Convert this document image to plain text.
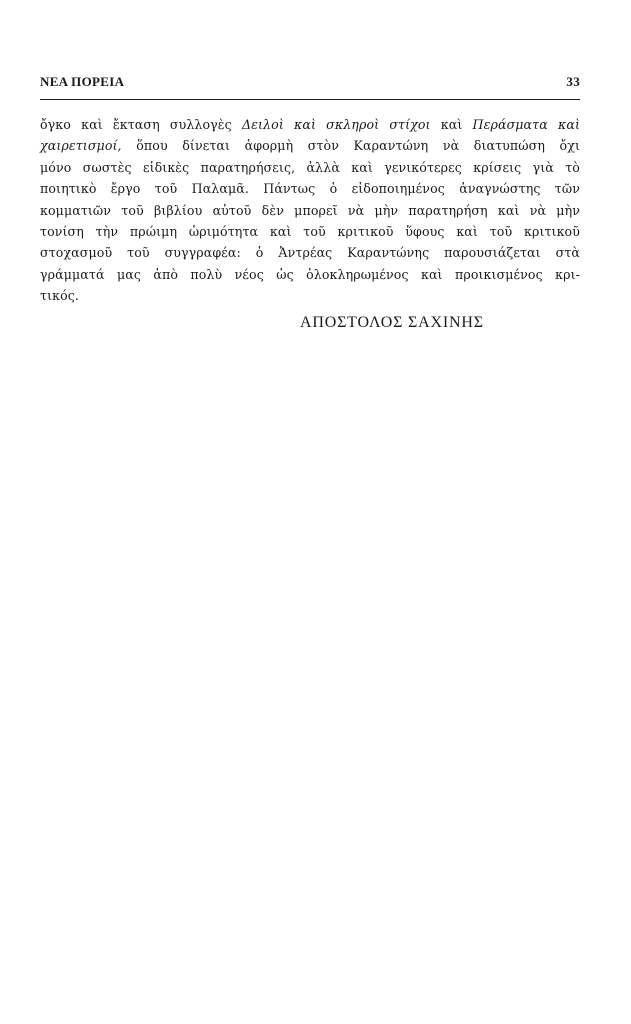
ΝΕΑ ΠΟΡΕΙΑ	33

ὄγκο καὶ ἔκταση συλλογὲς Δειλοὶ καὶ σκληροὶ στίχοι καὶ Περάσματα καὶ
χαιρετισμοί, ὅπου δίνεται ἀφορμὴ στὸν Καραντώνη νὰ διατυπώση ὄχι
μόνο σωστὲς εἰδικὲς παρατηρήσεις, ἀλλὰ καὶ γενικότερες κρίσεις γιὰ τὸ
ποιητικὸ ἔργο τοῦ Παλαμᾶ. Πάντως ὁ εἰδοποιημένος ἀναγνώστης τῶν
κομματιῶν τοῦ βιβλίου αὐτοῦ δὲν μπορεῖ νὰ μὴν παρατηρήση καὶ νὰ μὴν
τονίση τὴν πρώιμη ὡριμότητα καὶ τοῦ κριτικοῦ ὕφους καὶ τοῦ κριτικοῦ
στοχασμοῦ τοῦ συγγραφέα: ὁ Ἀντρέας Καραντώνης παρουσιάζεται στὰ
γράμματά μας ἀπὸ πολὺ νέος ὡς ὁλοκληρωμένος καὶ προικισμένος κρι-
τικός.

ΑΠΟΣΤΟΛΟΣ ΣΑΧΙΝΗΣ
